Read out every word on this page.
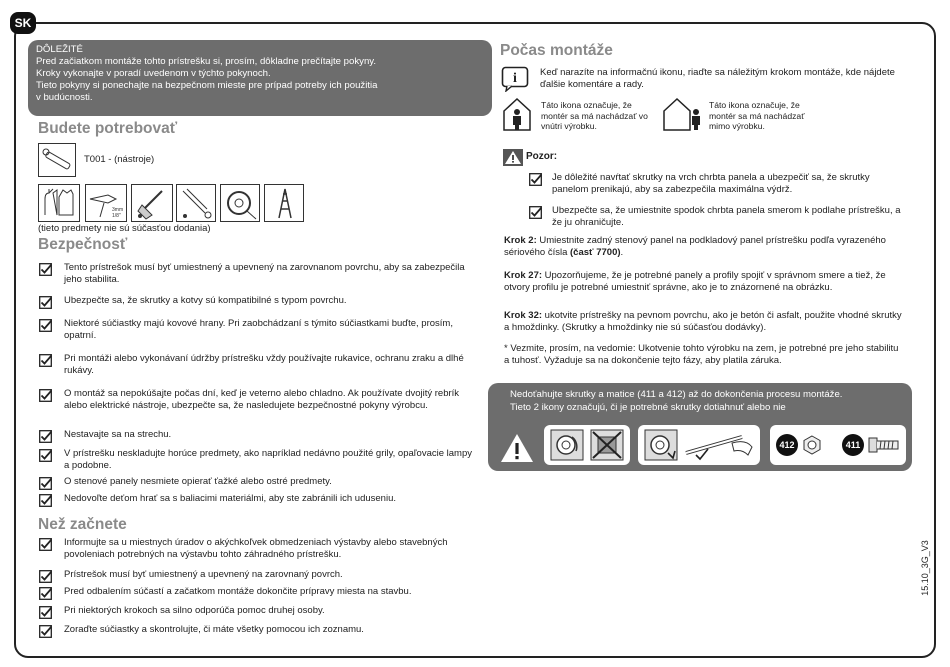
SK

DÔLEŽITÉ

Pred začiatkom montáže tohto prístrešku si, prosím, dôkladne prečítajte pokyny.

Kroky vykonajte v poradí uvedenom v týchto pokynoch.

Tieto pokyny si ponechajte na bezpečnom mieste pre prípad potreby ich použitia

v budúcnosti.

Budete potrebovať
T001 - (nástroje)
3mm
1/8"
(tieto predmety nie sú súčasťou dodania)
Bezpečnosť
Tento prístrešok musí byť umiestnený a upevnený na zarovnanom povrchu, aby sa zabezpečila jeho stabilita.
Ubezpečte sa, že skrutky a kotvy sú kompatibilné s typom povrchu.
Niektoré súčiastky majú kovové hrany. Pri zaobchádzaní s týmito súčiastkami buďte, prosím, opatrní.
Pri montáži alebo vykonávaní údržby prístrešku vždy používajte rukavice, ochranu zraku a dlhé rukávy.
O montáž sa nepokúšajte počas dní, keď je veterno alebo chladno. Ak používate dvojitý rebrík alebo elektrické nástroje, ubezpečte sa, že nasledujete bezpečnostné pokyny výrobcu.
Nestavajte sa na strechu.
V prístrešku neskladujte horúce predmety, ako napríklad nedávno použité grily, opaľovacie lampy a podobne.
O stenové panely nesmiete opierať ťažké alebo ostré predmety.
Nedovoľte deťom hrať sa s baliacimi materiálmi, aby ste zabránili ich uduseniu.
Než začnete
Informujte sa u miestnych úradov o akýchkoľvek obmedzeniach výstavby alebo stavebných povoleniach potrebných na výstavbu tohto záhradného prístrešku.
Prístrešok musí byť umiestnený a upevnený na zarovnaný povrch.
Pred odbalením súčastí a začatkom montáže dokončite prípravy miesta na stavbu.
Pri niektorých krokoch sa silno odporúča pomoc druhej osoby.
Zoraďte súčiastky a skontrolujte, či máte všetky pomocou ich zoznamu.
Počas montáže
i Keď narazíte na informačnú ikonu, riaďte sa náležitým krokom montáže, kde nájdete ďalšie komentáre a rady.
Táto ikona označuje, že montér sa má nachádzať vo vnútri výrobku.
Táto ikona označuje, že montér sa má nachádzať mimo výrobku.
Pozor:
Je dôležité navŕtať skrutky na vrch chrbta panela a ubezpečiť sa, že skrutky panelom prenikajú, aby sa zabezpečila maximálna výdrž.
Ubezpečte sa, že umiestnite spodok chrbta panela smerom k podlahe prístrešku, a že ju ohraničujte.
Krok 2: Umiestnite zadný stenový panel na podkladový panel prístrešku podľa vyrazeného sériového čísla (časť 7700).
Krok 27: Upozorňujeme, že je potrebné panely a profily spojiť v správnom smere a tiež, že otvory profilu je potrebné umiestniť správne, ako je to znázornené na obrázku.
Krok 32: ukotvite prístrešky na pevnom povrchu, ako je betón či asfalt, použite vhodné skrutky a hmoždinky. (Skrutky a hmoždinky nie sú súčasťou dodávky).
* Vezmite, prosím, na vedomie: Ukotvenie tohto výrobku na zem, je potrebné pre jeho stabilitu a tuhosť. Vyžaduje sa na dokončenie tejto fázy, aby platila záruka.
Nedoťahujte skrutky a matice (411 a 412) až do dokončenia procesu montáže.
Tieto 2 ikony označujú, či je potrebné skrutky dotiahnuť alebo nie
412	411
15.10_3G_V3
